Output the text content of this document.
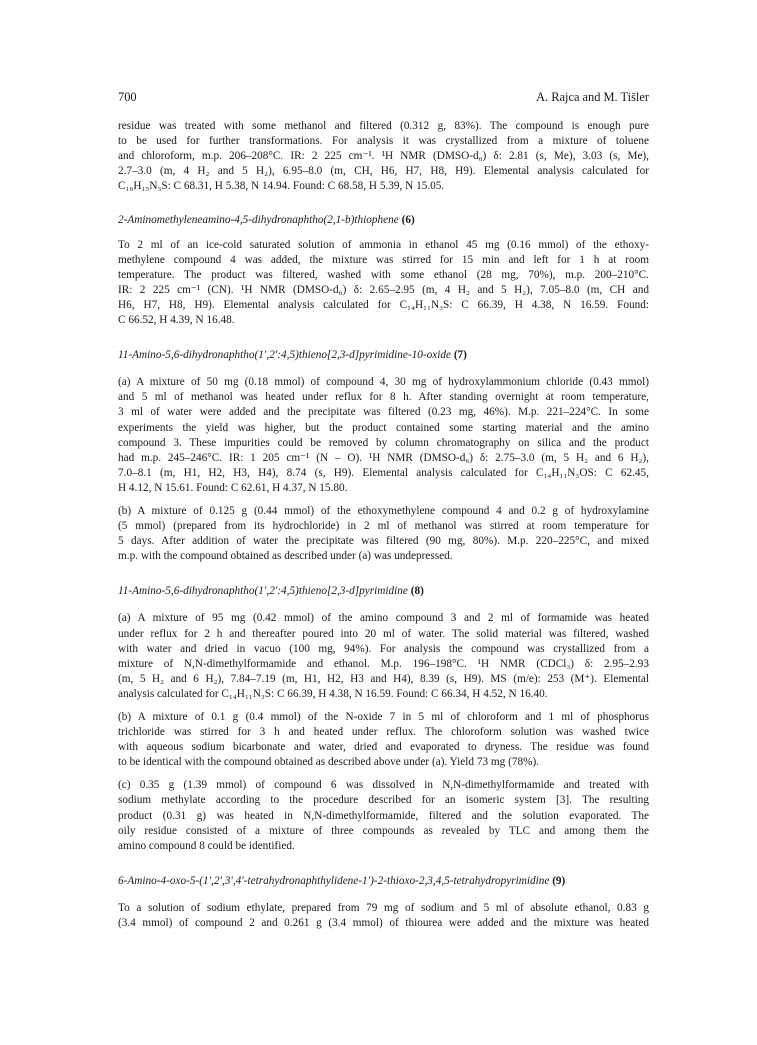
700	A. Rajca and M. Tišler

residue was treated with some methanol and filtered (0.312 g, 83%). The compound is enough pure
to be used for further transformations. For analysis it was crystallized from a mixture of toluene
and chloroform, m.p. 206–208°C. IR: 2 225 cm⁻¹. ¹H NMR (DMSO-d₆) δ: 2.81 (s, Me), 3.03 (s, Me),
2.7–3.0 (m, 4 H₂ and 5 H₂), 6.95–8.0 (m, CH, H6, H7, H8, H9). Elemental analysis calculated for
C₁₆H₁₅N₃S: C 68.31, H 5.38, N 14.94. Found: C 68.58, H 5.39, N 15.05.

2-Aminomethyleneamino-4,5-dihydronaphtho(2,1-b)thiophene (6)

To 2 ml of an ice-cold saturated solution of ammonia in ethanol 45 mg (0.16 mmol) of the ethoxy-
methylene compound 4 was added, the mixture was stirred for 15 min and left for 1 h at room
temperature. The product was filtered, washed with some ethanol (28 mg, 70%), m.p. 200–210°C.
IR: 2 225 cm⁻¹ (CN). ¹H NMR (DMSO-d₆) δ: 2.65–2.95 (m, 4 H₂ and 5 H₂), 7.05–8.0 (m, CH and
H6, H7, H8, H9). Elemental analysis calculated for C₁₄H₁₁N₃S: C 66.39, H 4.38, N 16.59. Found:
C 66.52, H 4.39, N 16.48.

11-Amino-5,6-dihydronaphtho(1′,2′:4,5)thieno[2,3-d]pyrimidine-10-oxide (7)

(a) A mixture of 50 mg (0.18 mmol) of compound 4, 30 mg of hydroxylammonium chloride (0.43 mmol)
and 5 ml of methanol was heated under reflux for 8 h. After standing overnight at room temperature,
3 ml of water were added and the precipitate was filtered (0.23 mg, 46%). M.p. 221–224°C. In some
experiments the yield was higher, but the product contained some starting material and the amino
compound 3. These impurities could be removed by column chromatography on silica and the product
had m.p. 245–246°C. IR: 1 205 cm⁻¹ (N – O). ¹H NMR (DMSO-d₆) δ: 2.75–3.0 (m, 5 H₂ and 6 H₂),
7.0–8.1 (m, H1, H2, H3, H4), 8.74 (s, H9). Elemental analysis calculated for C₁₄H₁₁N₃OS: C 62.45,
H 4.12, N 15.61. Found: C 62.61, H 4.37, N 15.80.

(b) A mixture of 0.125 g (0.44 mmol) of the ethoxymethylene compound 4 and 0.2 g of hydroxylamine
(5 mmol) (prepared from its hydrochloride) in 2 ml of methanol was stirred at room temperature for
5 days. After addition of water the precipitate was filtered (90 mg, 80%). M.p. 220–225°C, and mixed
m.p. with the compound obtained as described under (a) was undepressed.

11-Amino-5,6-dihydronaphtho(1′,2′:4,5)thieno[2,3-d]pyrimidine (8)

(a) A mixture of 95 mg (0.42 mmol) of the amino compound 3 and 2 ml of formamide was heated
under reflux for 2 h and thereafter poured into 20 ml of water. The solid material was filtered, washed
with water and dried in vacuo (100 mg, 94%). For analysis the compound was crystallized from a
mixture of N,N-dimethylformamide and ethanol. M.p. 196–198°C. ¹H NMR (CDCl₃) δ: 2.95–2.93
(m, 5 H₂ and 6 H₂), 7.84–7.19 (m, H1, H2, H3 and H4), 8.39 (s, H9). MS (m/e): 253 (M⁺). Elemental
analysis calculated for C₁₄H₁₁N₃S: C 66.39, H 4.38, N 16.59. Found: C 66.34, H 4.52, N 16.40.

(b) A mixture of 0.1 g (0.4 mmol) of the N-oxide 7 in 5 ml of chloroform and 1 ml of phosphorus
trichloride was stirred for 3 h and heated under reflux. The chloroform solution was washed twice
with aqueous sodium bicarbonate and water, dried and evaporated to dryness. The residue was found
to be identical with the compound obtained as described above under (a). Yield 73 mg (78%).

(c) 0.35 g (1.39 mmol) of compound 6 was dissolved in N,N-dimethylformamide and treated with
sodium methylate according to the procedure described for an isomeric system [3]. The resulting
product (0.31 g) was heated in N,N-dimethylformamide, filtered and the solution evaporated. The
oily residue consisted of a mixture of three compounds as revealed by TLC and among them the
amino compound 8 could be identified.

6-Amino-4-oxo-5-(1′,2′,3′,4′-tetrahydronaphthylidene-1′)-2-thioxo-2,3,4,5-tetrahydropyrimidine (9)

To a solution of sodium ethylate, prepared from 79 mg of sodium and 5 ml of absolute ethanol, 0.83 g
(3.4 mmol) of compound 2 and 0.261 g (3.4 mmol) of thiourea were added and the mixture was heated
